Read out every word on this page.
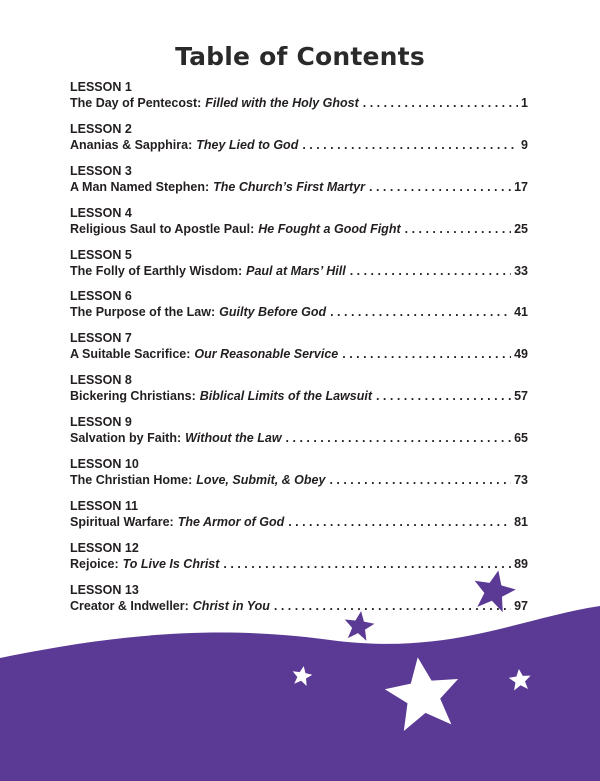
Table of Contents
LESSON 1
The Day of Pentecost: Filled with the Holy Ghost . . .	1
LESSON 2
Ananias & Sapphira: They Lied to God . . .	9
LESSON 3
A Man Named Stephen: The Church’s First Martyr . . .	17
LESSON 4
Religious Saul to Apostle Paul: He Fought a Good Fight . . .	25
LESSON 5
The Folly of Earthly Wisdom: Paul at Mars’ Hill . . .	33
LESSON 6
The Purpose of the Law: Guilty Before God . . .	41
LESSON 7
A Suitable Sacrifice: Our Reasonable Service . . .	49
LESSON 8
Bickering Christians: Biblical Limits of the Lawsuit . . .	57
LESSON 9
Salvation by Faith: Without the Law . . .	65
LESSON 10
The Christian Home: Love, Submit, & Obey . . .	73
LESSON 11
Spiritual Warfare: The Armor of God . . .	81
LESSON 12
Rejoice: To Live Is Christ . . .	89
LESSON 13
Creator & Indweller: Christ in You . . .	97
